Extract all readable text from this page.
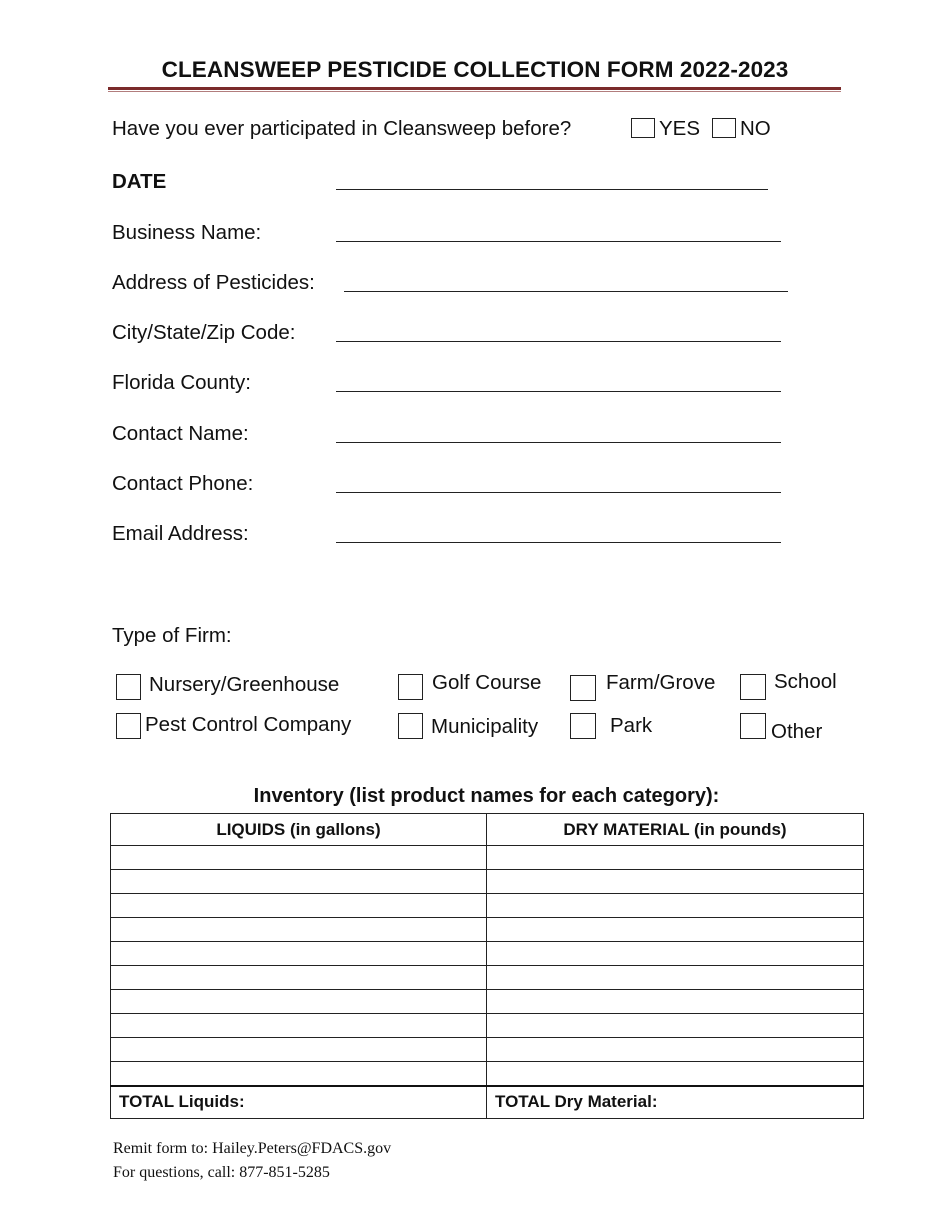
CLEANSWEEP PESTICIDE COLLECTION FORM 2022-2023
Have you ever participated in Cleansweep before?	YES NO
DATE
Business Name:
Address of Pesticides:
City/State/Zip Code:
Florida County:
Contact Name:
Contact Phone:
Email Address:
Type of Firm:
Nursery/Greenhouse	Golf Course	Farm/Grove	School
Pest Control Company	Municipality	Park	Other
Inventory (list product names for each category):
LIQUIDS (in gallons)	DRY MATERIAL (in pounds)

TOTAL Liquids:	TOTAL Dry Material:
Remit form to: Hailey.Peters@FDACS.gov
For questions, call: 877-851-5285
